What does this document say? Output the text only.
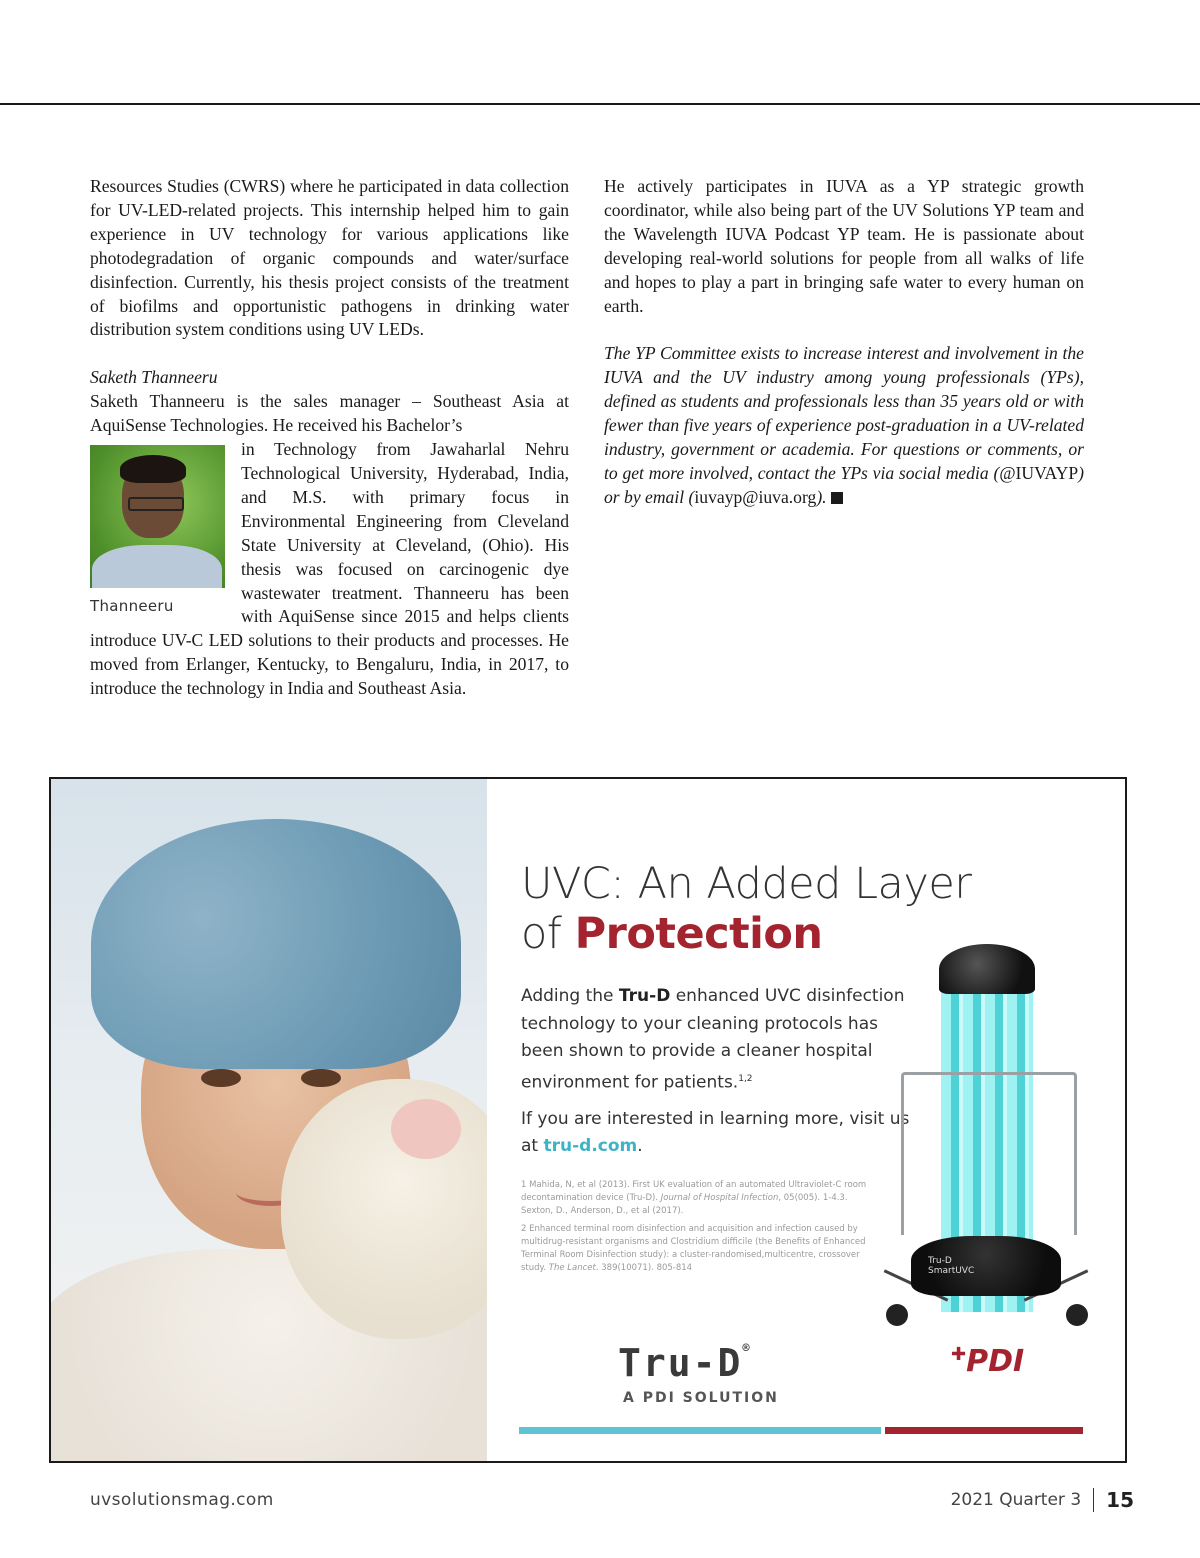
Resources Studies (CWRS) where he participated in data collection for UV-LED-related projects. This internship helped him to gain experience in UV technology for various applications like photodegradation of organic compounds and water/surface disinfection. Currently, his thesis project consists of the treatment of biofilms and opportunistic pathogens in drinking water distribution system conditions using UV LEDs.

Saketh Thanneeru

Saketh Thanneeru is the sales manager – Southeast Asia at AquiSense Technologies. He received his Bachelor’s

Thanneeru

in Technology from Jawaharlal Nehru Technological University, Hyderabad, India, and M.S. with primary focus in Environmental Engineering from Cleveland State University at Cleveland, (Ohio). His thesis was focused on carcinogenic dye wastewater treatment. Thanneeru has been with AquiSense since 2015 and helps clients introduce UV-C LED solutions to their products and processes. He moved from Erlanger, Kentucky, to Bengaluru, India, in 2017, to introduce the technology in India and Southeast Asia.

He actively participates in IUVA as a YP strategic growth coordinator, while also being part of the UV Solutions YP team and the Wavelength IUVA Podcast YP team. He is passionate about developing real-world solutions for people from all walks of life and hopes to play a part in bringing safe water to every human on earth.

The YP Committee exists to increase interest and involvement in the IUVA and the UV industry among young professionals (YPs), defined as students and professionals less than 35 years old or with fewer than five years of experience post-graduation in a UV-related industry, government or academia. For questions or comments, or to get more involved, contact the YPs via social media (@IUVAYP) or by email (iuvayp@iuva.org).

UVC: An Added Layer
of Protection

Adding the Tru-D enhanced UVC disinfection technology to your cleaning protocols has been shown to provide a cleaner hospital environment for patients.$^{1,2}$

If you are interested in learning more, visit us at tru-d.com.

1 Mahida, N, et al (2013). First UK evaluation of an automated Ultraviolet-C room decontamination device (Tru-D). Journal of Hospital Infection, 05(005). 1-4.3. Sexton, D., Anderson, D., et al (2017).

2 Enhanced terminal room disinfection and acquisition and infection caused by multidrug-resistant organisms and Clostridium difficile (the Benefits of Enhanced Terminal Room Disinfection study): a cluster-randomised,multicentre, crossover study. The Lancet. 389(10071). 805-814

Tru-D
SmartUVC
Tru-D®
A PDI SOLUTION
✚PDI
uvsolutionsmag.com	2021 Quarter 3 15
